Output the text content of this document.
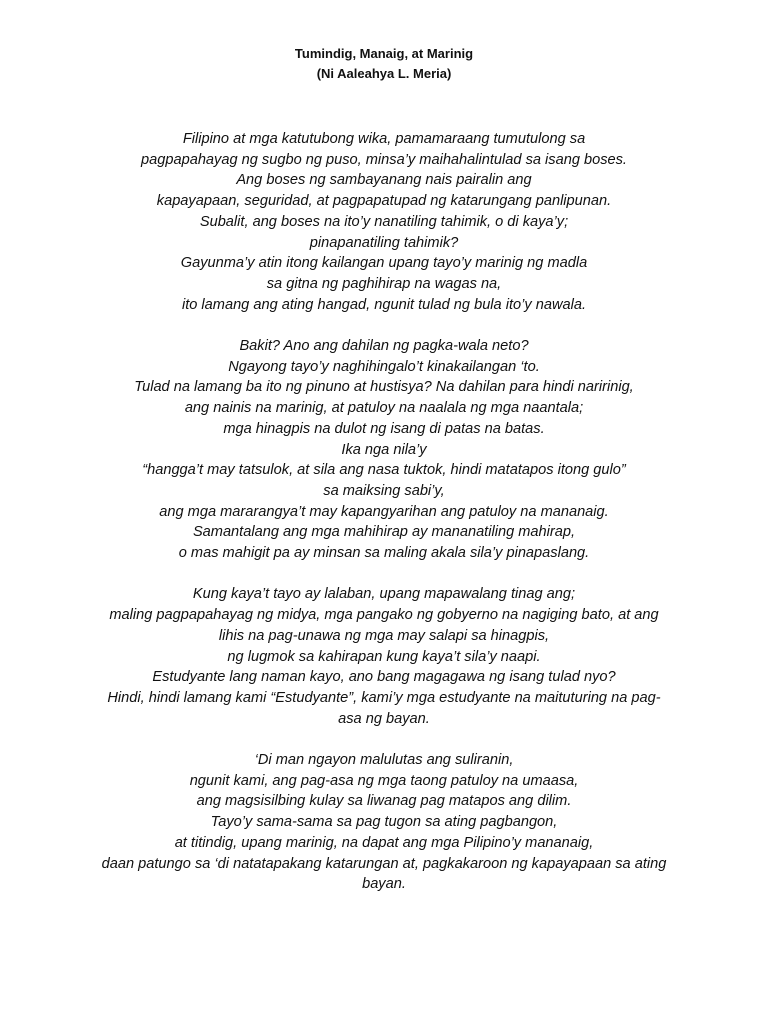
Tumindig, Manaig, at Marinig
(Ni Aaleahya L. Meria)
Filipino at mga katutubong wika, pamamaraang tumutulong sa
pagpapahayag ng sugbo ng puso, minsa’y maihahalintulad sa isang boses.
Ang boses ng sambayanang nais pairalin ang
kapayapaan, seguridad, at pagpapatupad ng katarungang panlipunan.
Subalit, ang boses na ito’y nanatiling tahimik, o di kaya’y;
pinapanatiling tahimik?
Gayunma’y atin itong kailangan upang tayo’y marinig ng madla
sa gitna ng paghihirap na wagas na,
ito lamang ang ating hangad, ngunit tulad ng bula ito’y nawala.
Bakit? Ano ang dahilan ng pagka-wala neto?
Ngayong tayo’y naghihingalo’t kinakailangan ‘to.
Tulad na lamang ba ito ng pinuno at hustisya? Na dahilan para hindi naririnig,
ang nainis na marinig, at patuloy na naalala ng mga naantala;
mga hinagpis na dulot ng isang di patas na batas.
Ika nga nila’y
“hangga’t may tatsulok, at sila ang nasa tuktok, hindi matatapos itong gulo”
sa maiksing sabi’y,
ang mga mararangya’t may kapangyarihan ang patuloy na mananaig.
Samantalang ang mga mahihirap ay mananatiling mahirap,
o mas mahigit pa ay minsan sa maling akala sila’y pinapaslang.
Kung kaya’t tayo ay lalaban, upang mapawalang tinag ang;
maling pagpapahayag ng midya, mga pangako ng gobyerno na nagiging bato, at ang
lihis na pag-unawa ng mga may salapi sa hinagpis,
ng lugmok sa kahirapan kung kaya’t sila’y naapi.
Estudyante lang naman kayo, ano bang magagawa ng isang tulad nyo?
Hindi, hindi lamang kami “Estudyante”, kami’y mga estudyante na maituturing na pag-
asa ng bayan.
‘Di man ngayon malulutas ang suliranin,
ngunit kami, ang pag-asa ng mga taong patuloy na umaasa,
ang magsisilbing kulay sa liwanag pag matapos ang dilim.
Tayo’y sama-sama sa pag tugon sa ating pagbangon,
at titindig, upang marinig, na dapat ang mga Pilipino’y mananaig,
daan patungo sa ‘di natatapakang katarungan at, pagkakaroon ng kapayapaan sa ating
bayan.
